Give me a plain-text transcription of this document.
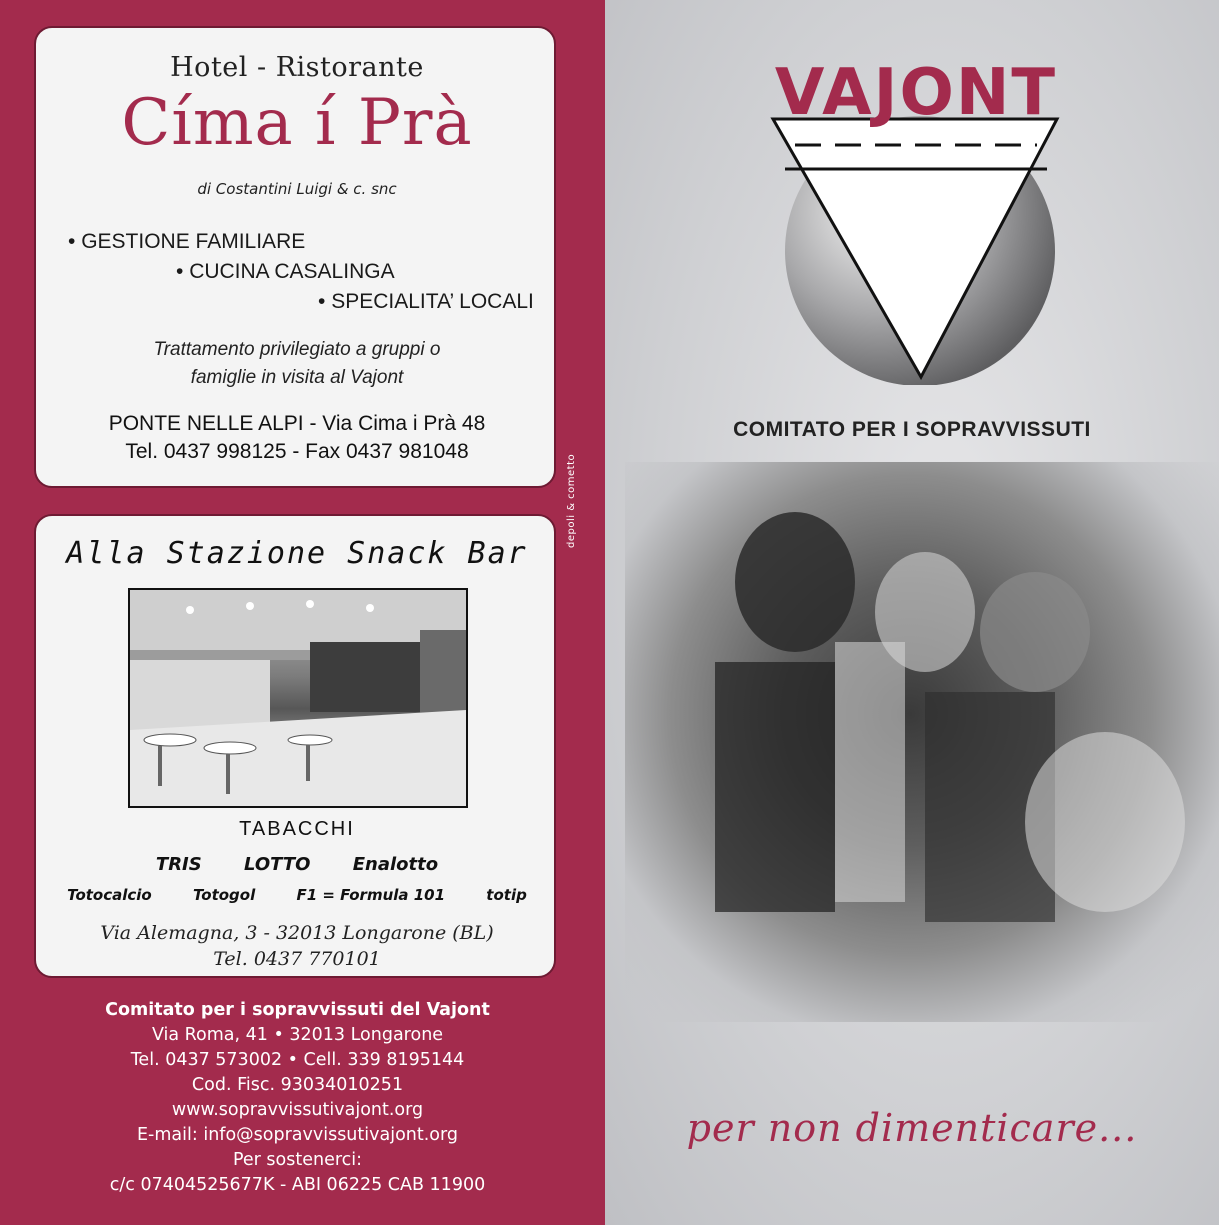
Hotel - Ristorante
Címa í Prà
di Costantini Luigi & c. snc
• GESTIONE FAMILIARE
• CUCINA CASALINGA
• SPECIALITA’ LOCALI
Trattamento privilegiato a gruppi o famiglie in visita al Vajont
PONTE NELLE ALPI - Via Cima i Prà 48
Tel. 0437 998125 - Fax 0437 981048
Alla Stazione Snack Bar
TABACCHI
TRIS LOTTO Enalotto
Totocalcio	Totogol	F1 = Formula 101	totip
Via Alemagna, 3 - 32013 Longarone (BL)
Tel. 0437 770101
Comitato per i sopravvissuti del Vajont
Via Roma, 41 • 32013 Longarone
Tel. 0437 573002 • Cell. 339 8195144
Cod. Fisc. 93034010251
www.sopravvissutivajont.org
E-mail: info@sopravvissutivajont.org
Per sostenerci:
c/c 07404525677K - ABI 06225 CAB 11900
depoli & cometto
VAJONT
COMITATO PER I SOPRAVVISSUTI
per non dimenticare...
